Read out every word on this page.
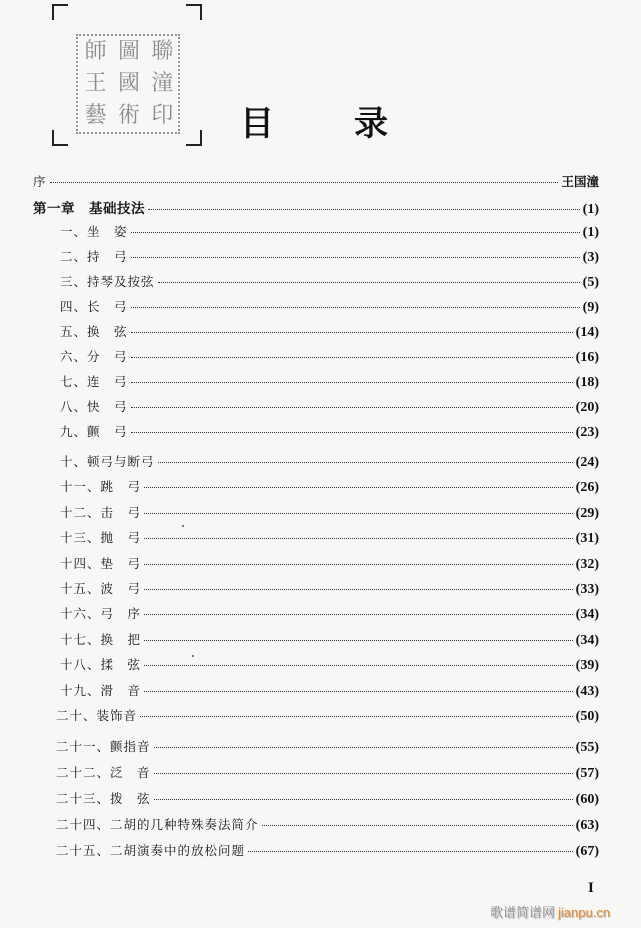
師 圖 聯
王 國 潼
藝 術 印 目 录
序	王国潼
第一章　基础技法	(1)
一、坐　姿	(1)
二、持　弓	(3)
三、持琴及按弦	(5)
四、长　弓	(9)
五、换　弦	(14)
六、分　弓	(16)
七、连　弓	(18)
八、快　弓	(20)
九、颤　弓	(23)
十、顿弓与断弓	(24)
十一、跳　弓	(26)
十二、击　弓	(29)
十三、抛　弓	(31)
十四、垫　弓	(32)
十五、波　弓	(33)
十六、弓　序	(34)
十七、换　把	(34)
十八、揉　弦	(39)
十九、滑　音	(43)
二十、装饰音	(50)
二十一、颤指音	(55)
二十二、泛　音	(57)
二十三、拨　弦	(60)
二十四、二胡的几种特殊奏法简介	(63)
二十五、二胡演奏中的放松问题	(67)
I
歌谱简谱网 jianpu.cn
